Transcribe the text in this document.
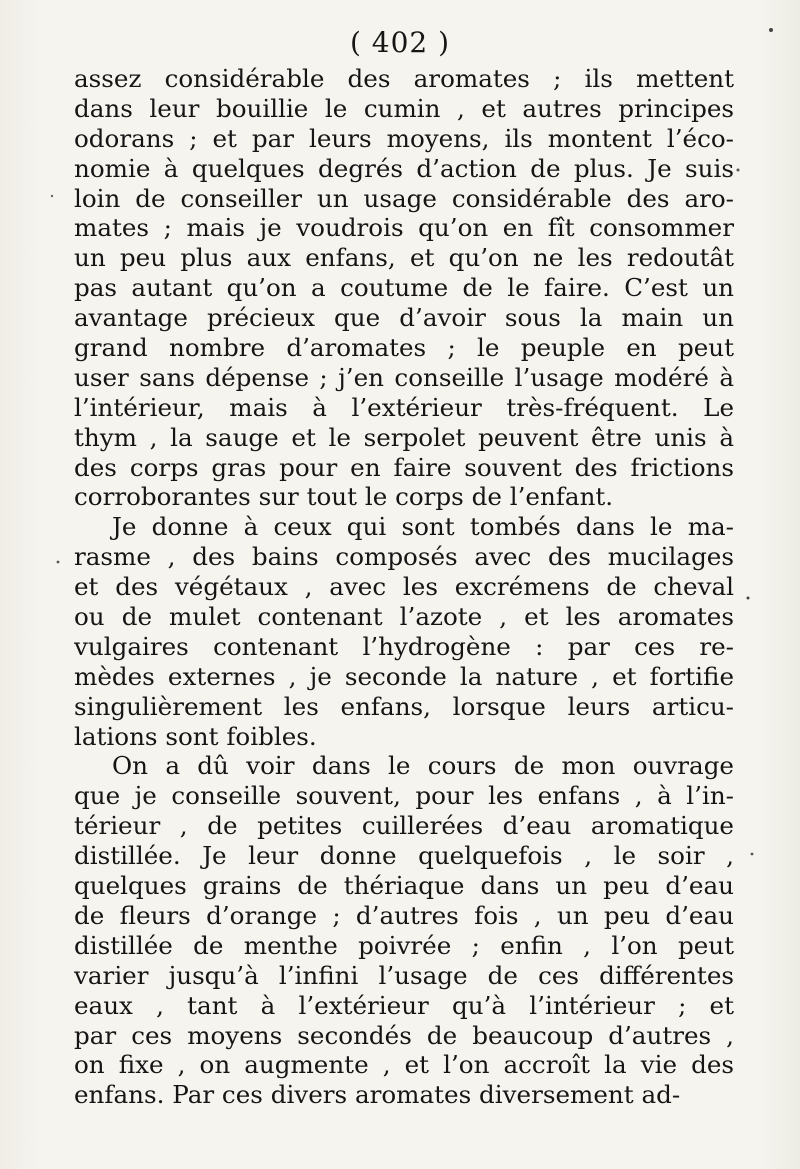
( 402 )
assez considérable des aromates ; ils mettent
dans leur bouillie le cumin , et autres principes
odorans ; et par leurs moyens, ils montent l’éco-
nomie à quelques degrés d’action de plus. Je suis
loin de conseiller un usage considérable des aro-
mates ; mais je voudrois qu’on en fît consommer
un peu plus aux enfans, et qu’on ne les redoutât
pas autant qu’on a coutume de le faire. C’est un
avantage précieux que d’avoir sous la main un
grand nombre d’aromates ; le peuple en peut
user sans dépense ; j’en conseille l’usage modéré à
l’intérieur, mais à l’extérieur très-fréquent. Le
thym , la sauge et le serpolet peuvent être unis à
des corps gras pour en faire souvent des frictions
corroborantes sur tout le corps de l’enfant.
Je donne à ceux qui sont tombés dans le ma-
rasme , des bains composés avec des mucilages
et des végétaux , avec les excrémens de cheval
ou de mulet contenant l’azote , et les aromates
vulgaires contenant l’hydrogène : par ces re-
mèdes externes , je seconde la nature , et fortifie
singulièrement les enfans, lorsque leurs articu-
lations sont foibles.
On a dû voir dans le cours de mon ouvrage
que je conseille souvent, pour les enfans , à l’in-
térieur , de petites cuillerées d’eau aromatique
distillée. Je leur donne quelquefois , le soir ,
quelques grains de thériaque dans un peu d’eau
de fleurs d’orange ; d’autres fois , un peu d’eau
distillée de menthe poivrée ; enfin , l’on peut
varier jusqu’à l’infini l’usage de ces différentes
eaux , tant à l’extérieur qu’à l’intérieur ; et
par ces moyens secondés de beaucoup d’autres ,
on fixe , on augmente , et l’on accroît la vie des
enfans. Par ces divers aromates diversement ad-
